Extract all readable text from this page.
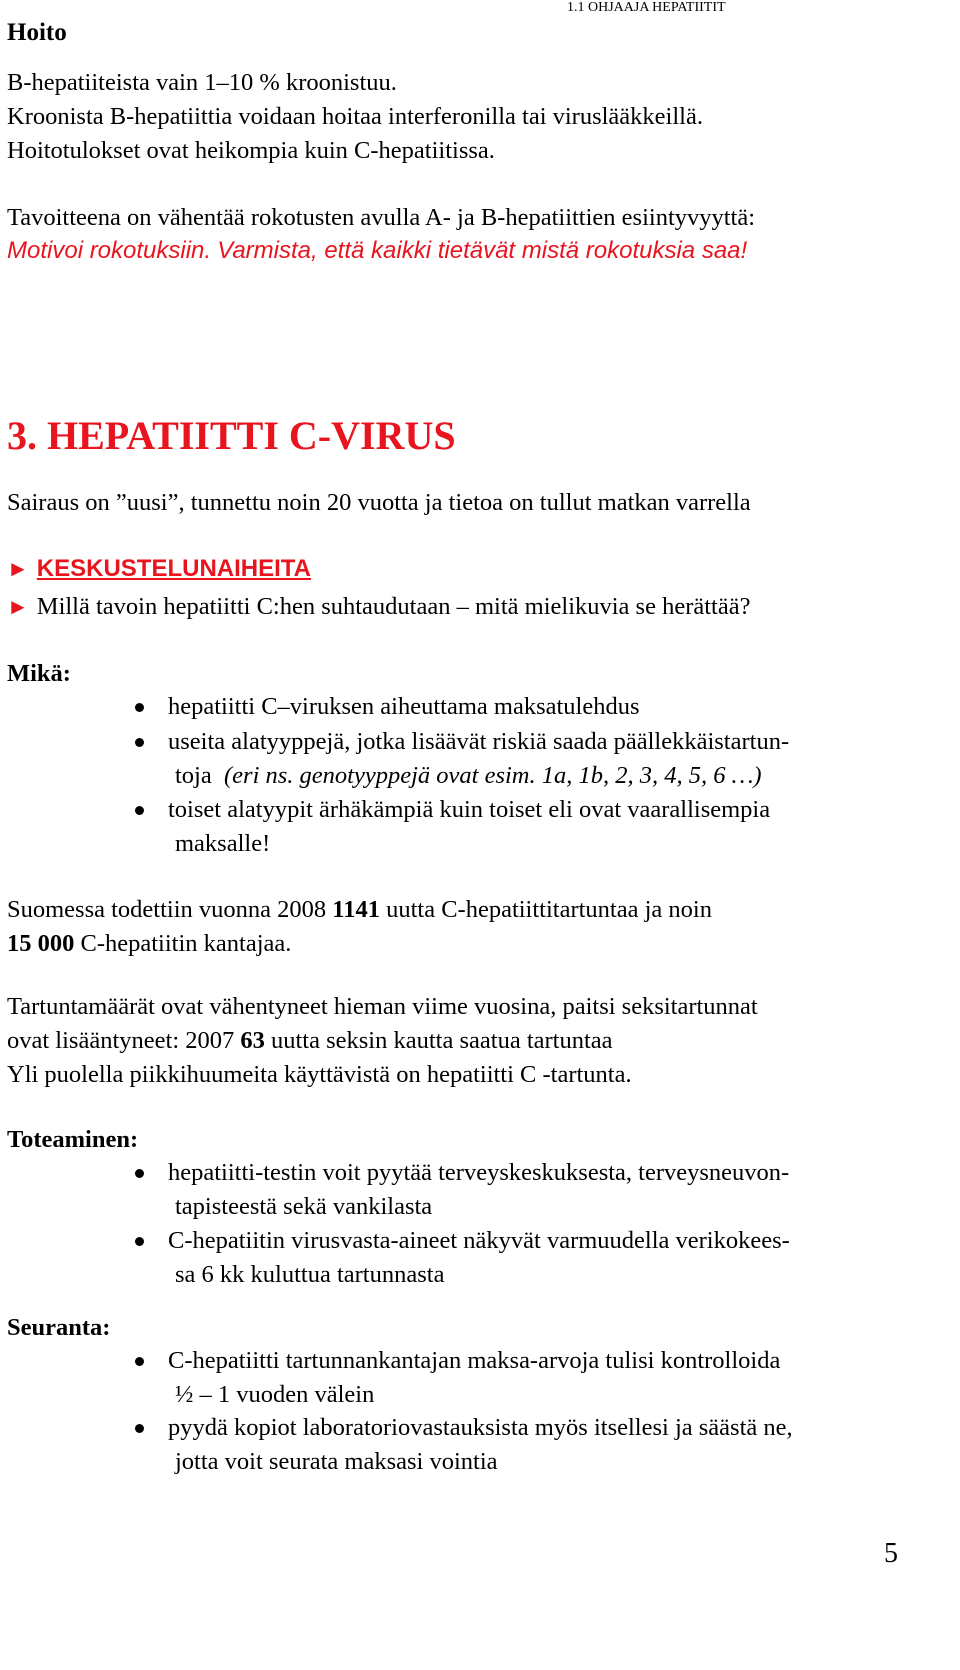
Hoito
1.1 OHJAAJA HEPATIITIT
B-hepatiiteista vain 1–10 % kroonistuu.
Kroonista B-hepatiittia voidaan hoitaa interferonilla tai viruslääkkeillä.
Hoitotulokset ovat heikompia kuin C-hepatiitissa.
Tavoitteena on vähentää rokotusten avulla A- ja B-hepatiittien esiintyvyyttä:
Motivoi rokotuksiin. Varmista, että kaikki tietävät mistä rokotuksia saa!
3. HEPATIITTI C-VIRUS
Sairaus on ”uusi”, tunnettu noin 20 vuotta ja tietoa on tullut matkan varrella
► KESKUSTELUNAIHEITA
► Millä tavoin hepatiitti C:hen suhtaudutaan – mitä mielikuvia se herättää?
Mikä:
hepatiitti C–viruksen aiheuttama maksatulehdus
useita alatyyppejä, jotka lisäävät riskiä saada päällekkäistartun-
toja (eri ns. genotyyppejä ovat esim. 1a, 1b, 2, 3, 4, 5, 6 …)
toiset alatyypit ärhäkämpiä kuin toiset eli ovat vaarallisempia
maksalle!
Suomessa todettiin vuonna 2008 1141 uutta C-hepatiittitartuntaa ja noin
15 000 C-hepatiitin kantajaa.
Tartuntamäärät ovat vähentyneet hieman viime vuosina, paitsi seksitartunnat
ovat lisääntyneet: 2007 63 uutta seksin kautta saatua tartuntaa
Yli puolella piikkihuumeita käyttävistä on hepatiitti C -tartunta.
Toteaminen:
hepatiitti-testin voit pyytää terveyskeskuksesta, terveysneuvon-
tapisteestä sekä vankilasta
C-hepatiitin virusvasta-aineet näkyvät varmuudella verikokees-
sa 6 kk kuluttua tartunnasta
Seuranta:
C-hepatiitti tartunnankantajan maksa-arvoja tulisi kontrolloida
½ – 1 vuoden välein
pyydä kopiot laboratoriovastauksista myös itsellesi ja säästä ne,
jotta voit seurata maksasi vointia
5
